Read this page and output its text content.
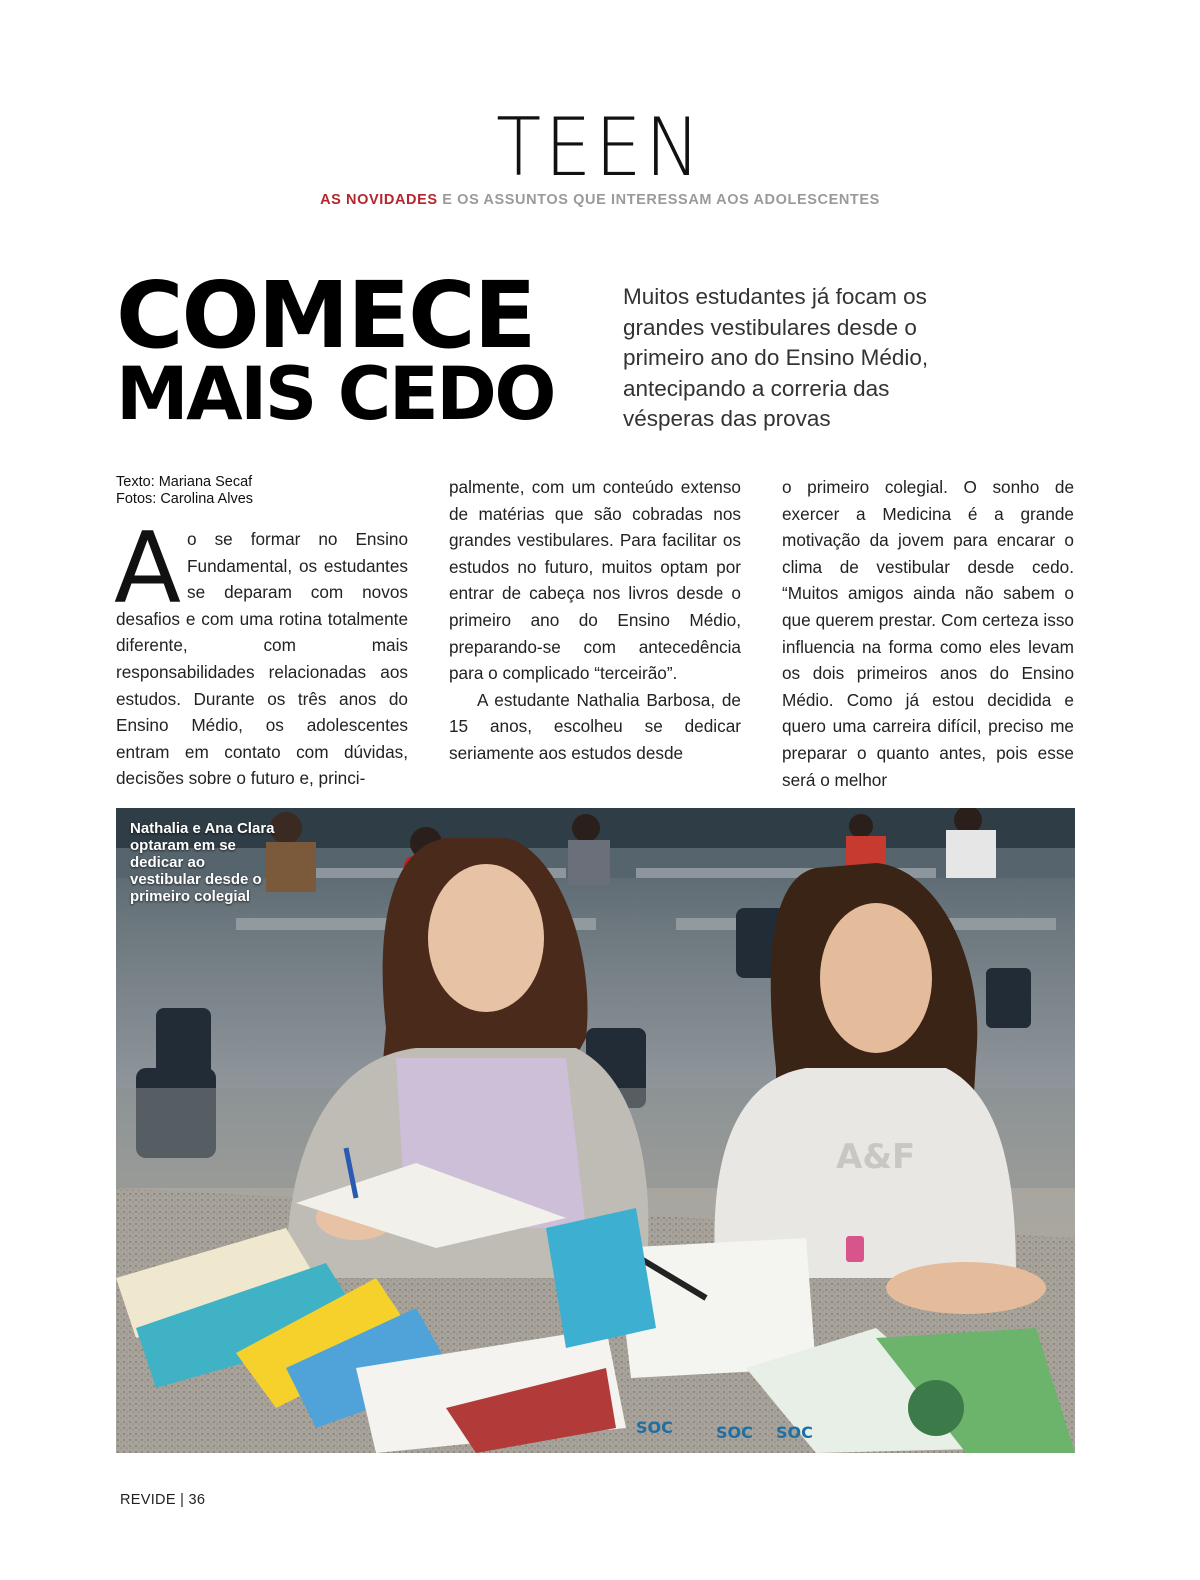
TEEN
AS NOVIDADES E OS ASSUNTOS QUE INTERESSAM AOS ADOLESCENTES
COMECE
MAIS CEDO
Muitos estudantes já focam os grandes vestibulares desde o primeiro ano do Ensino Médio, antecipando a correria das vésperas das provas
Texto: Mariana Secaf
Fotos: Carolina Alves

Ao se formar no Ensino Fundamental, os estudantes se deparam com novos desafios e com uma rotina totalmente diferente, com mais responsabilidades relacionadas aos estudos. Durante os três anos do Ensino Médio, os adolescentes entram em contato com dúvidas, decisões sobre o futuro e, princi-

palmente, com um conteúdo extenso de matérias que são cobradas nos grandes vestibulares. Para facilitar os estudos no futuro, muitos optam por entrar de cabeça nos livros desde o primeiro ano do Ensino Médio, preparando-se com antecedência para o complicado “terceirão”.

A estudante Nathalia Barbosa, de 15 anos, escolheu se dedicar seriamente aos estudos desde

o primeiro colegial. O sonho de exercer a Medicina é a grande motivação da jovem para encarar o clima de vestibular desde cedo. “Muitos amigos ainda não sabem o que querem prestar. Com certeza isso influencia na forma como eles levam os dois primeiros anos do Ensino Médio. Como já estou decidida e quero uma carreira difícil, preciso me preparar o quanto antes, pois esse será o melhor

A&F
SOC	SOC SOC
Nathalia e Ana Clara optaram em se dedicar ao vestibular desde o primeiro colegial
REVIDE | 36
